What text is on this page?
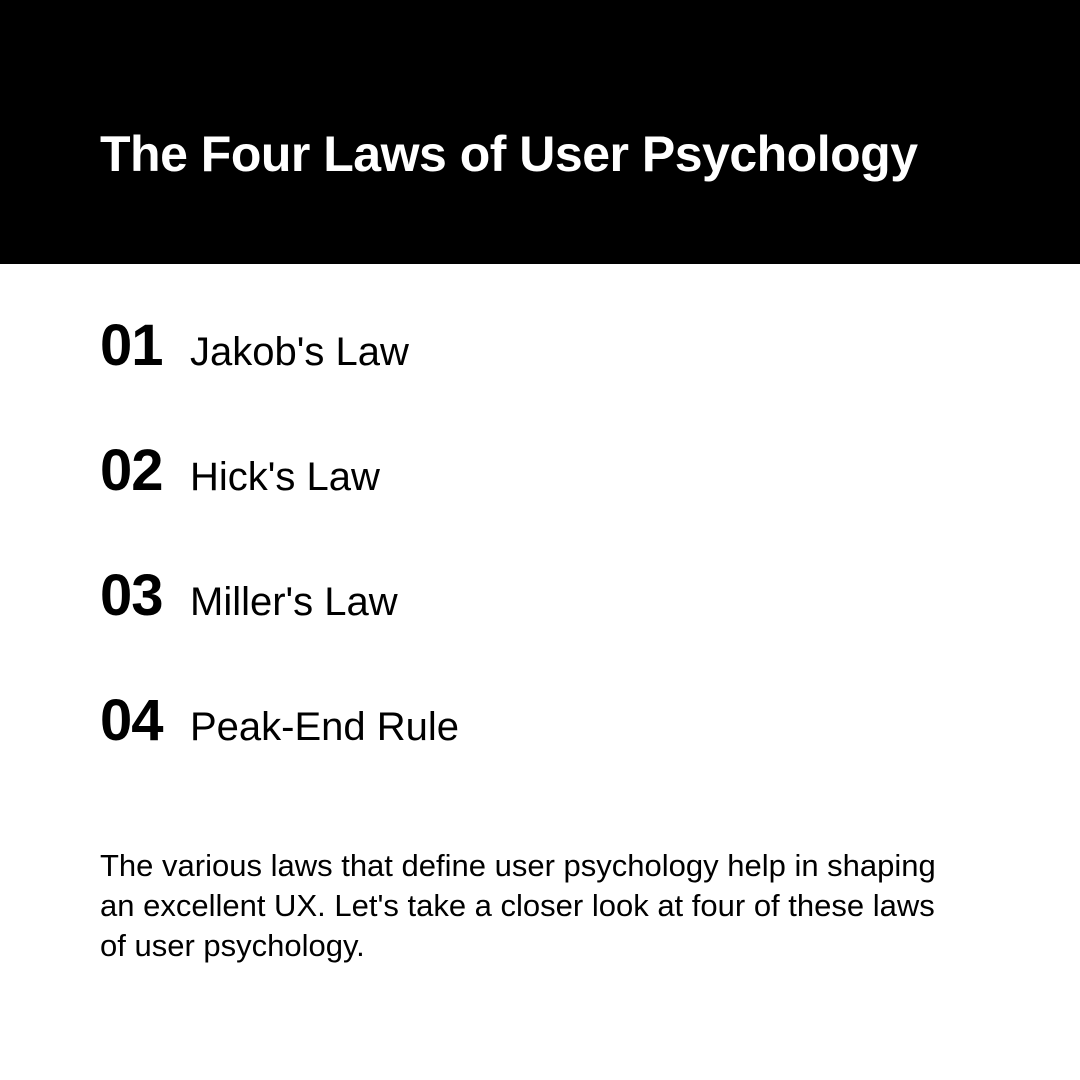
The Four Laws of User Psychology
01 Jakob's Law
02 Hick's Law
03 Miller's Law
04 Peak-End Rule

The various laws that define user psychology help in shaping an excellent UX. Let's take a closer look at four of these laws of user psychology.
